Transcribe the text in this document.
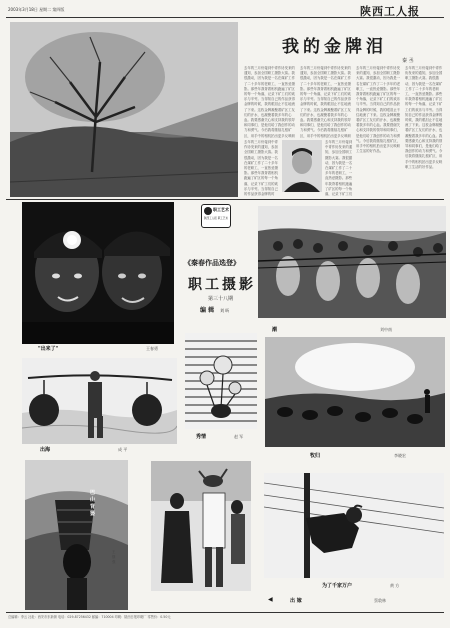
2003年3月18日 星期二 第四版	陕西工人报
我的金牌泪
秦 丞
去年的三月份接到中青作协发来的通知，参加全国职工摄影大赛。我很激动，因为我是一名在煤矿工作了二十多年的老职工，一直热爱摄影。那些年我背着相机跑遍了矿区的每一个角落，记录下矿工们的欢乐与辛劳。当得知自己的作品获得金牌的时候，我的眼泪止不住地流了下来。这枚金牌凝聚着矿区工友们的汗水，也凝聚着我多年的心血。我要感谢关心和支持我的领导和同事们，是他们给了我创作的动力和勇气。今后我将继续扎根矿区，用手中的相机拍出更多反映职
去年的三月份接到中青作协发来的通知，参加全国职工摄影大赛。我很激动，因为我是一名在煤矿工作了二十多年的老职工，一直热爱摄影。那些年我背着相机跑遍了矿区的每一个角落，记录下矿工们的欢乐与辛劳。当得知自己的作品获得金牌的时候，我的眼泪止不住地流了下来。这枚金牌凝聚着矿区工友们的汗水，也凝聚着我多年的心血。我要感谢关心和支持我的领导和同事们，是他们给了我创作的动力和勇气。今后我将继续扎根矿区，用手中的相机拍出更多反映职
去年的三月份接到中青作协发来的通知，参加全国职工摄影大赛。我很激动，因为我是一名在煤矿工作了二十多年的老职工，一直热爱摄影。那些年我背着相机跑遍了矿区的每一个角落，记录下矿工们的欢乐与辛劳。当得知自己的作品获得金牌的时候，我的眼泪止不住地流了下来。这枚金牌凝聚着矿区工友们的汗水，也凝聚着我多年的心血。我要感谢关心和支持我的领导和同事们，是他们给了我创作的动力和勇气。今后我将继续扎根矿区，用手中的相机拍出更多反映职工生活的好作品。
去年的三月份接到中青作协发来的通知，参加全国职工摄影大赛。我很激动，因为我是一名在煤矿工作了二十多年的老职工，一直热爱摄影。那些年我背着相机跑遍了矿区的每一个角落，记录下矿工们的欢乐与辛劳。当得知自己的作品获得金牌的时候，我的眼泪止不住地流了下来。这枚金牌凝聚着矿区工友们的汗水，也凝聚着我多年的心血。我要感谢关心和支持我的领导和同事们，是他们给了我创作的动力和勇气。今后我将继续扎根矿区，用手中的相机拍出更多反映职工生活的好作品。
去年的三月份接到中青作协发来的通知，参加全国职工摄影大赛。我很激动，因为我是一名在煤矿工作了二十多年的老职工，一直热爱摄影。那些年我背着相机跑遍了矿区的每一个角落，记录下矿工们的欢乐与辛劳。当得知自己的作品获得金牌的时
去年的三月份接到中青作协发来的通知，参加全国职工摄影大赛。我很激动，因为我是一名在煤矿工作了二十多年的老职工，一直热爱摄影。那些年我背着相机跑遍了矿区的每一个角落，记录下矿工们
"出来了"	王春勇
职工艺术
陕西工人报 职工艺术
《秦春作品选登》
职工摄影
第三十八期
编 辑 刘 昕
潮	刘中南
出海	成 平
秀情	赵 军
牧归	李晓宏
巴山背篓
王继强
为了千家万户	黄 方
◀	出 嫁	蔡敦林
总编辑：李云 社址：西安市东新街 电话：029-87256432 邮编：710004 印刷：陕西日报印刷厂 零售价：0.50元
